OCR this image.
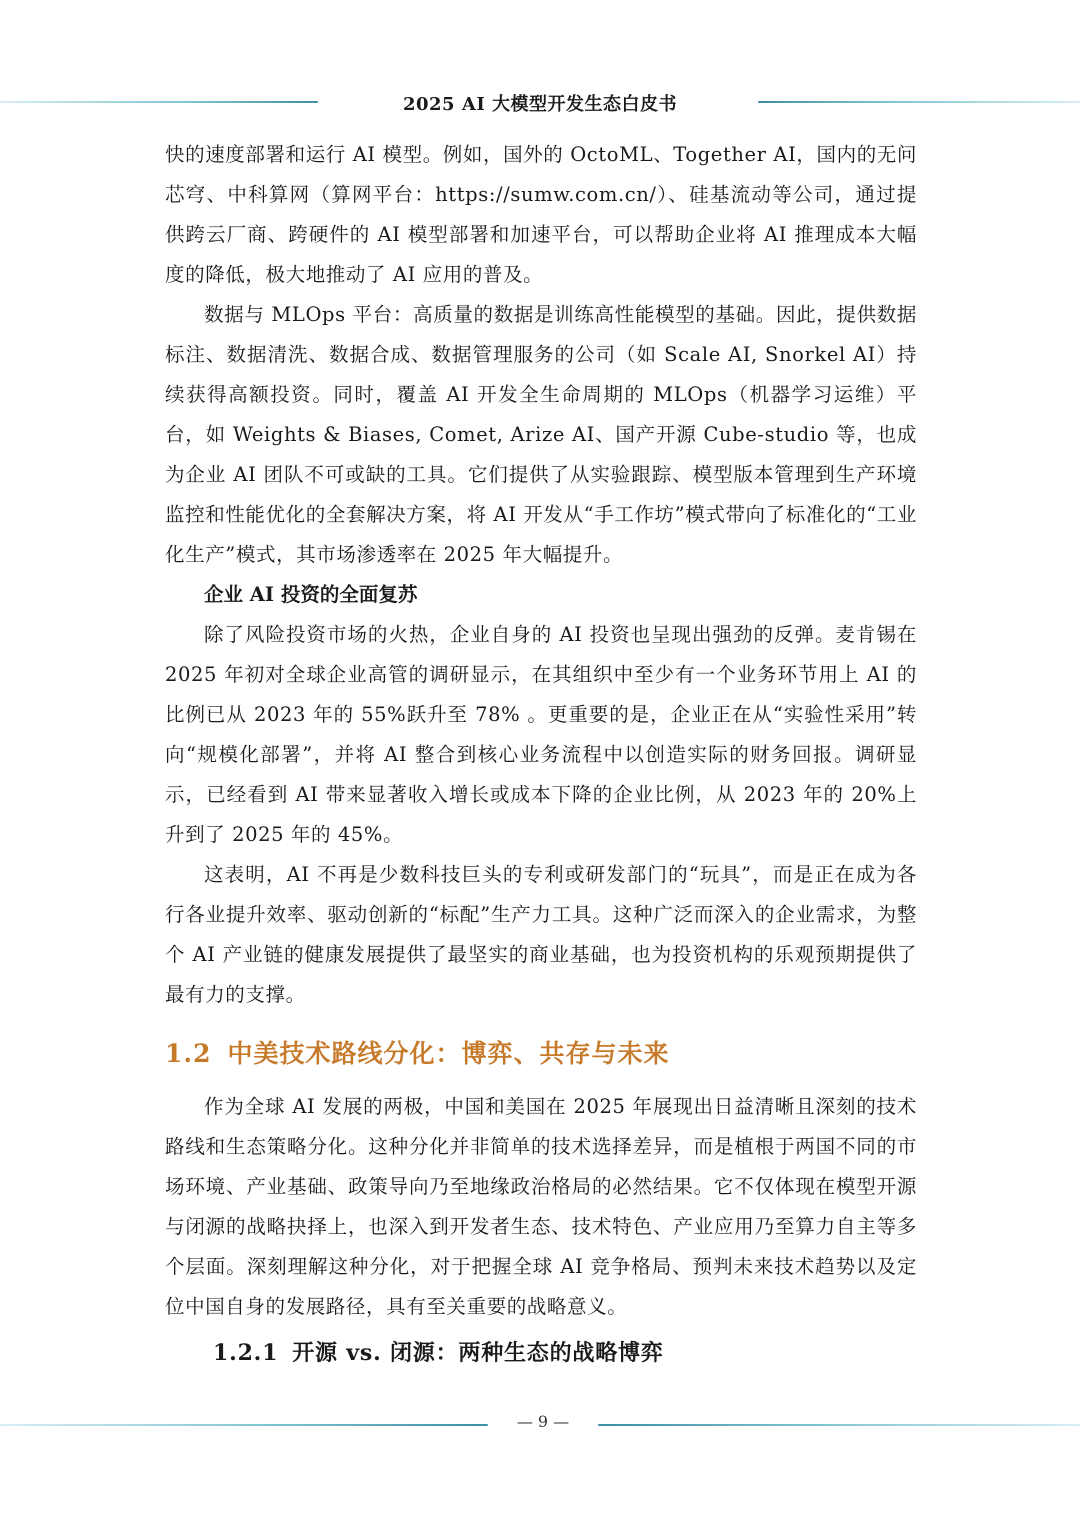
2025 AI 大模型开发生态白皮书

快的速度部署和运行 AI 模型。例如，国外的 OctoML、Together AI，国内的无问芯穹、中科算网（算网平台：https://sumw.com.cn/）、硅基流动等公司，通过提供跨云厂商、跨硬件的 AI 模型部署和加速平台，可以帮助企业将 AI 推理成本大幅度的降低，极大地推动了 AI 应用的普及。

数据与 MLOps 平台：高质量的数据是训练高性能模型的基础。因此，提供数据标注、数据清洗、数据合成、数据管理服务的公司（如 Scale AI, Snorkel AI）持续获得高额投资。同时，覆盖 AI 开发全生命周期的 MLOps（机器学习运维）平台，如 Weights & Biases, Comet, Arize AI、国产开源 Cube-studio 等，也成为企业 AI 团队不可或缺的工具。它们提供了从实验跟踪、模型版本管理到生产环境监控和性能优化的全套解决方案，将 AI 开发从“手工作坊”模式带向了标准化的“工业化生产”模式，其市场渗透率在 2025 年大幅提升。

企业 AI 投资的全面复苏

除了风险投资市场的火热，企业自身的 AI 投资也呈现出强劲的反弹。麦肯锡在 2025 年初对全球企业高管的调研显示，在其组织中至少有一个业务环节用上 AI 的比例已从 2023 年的 55%跃升至 78% 。更重要的是，企业正在从“实验性采用”转向“规模化部署”，并将 AI 整合到核心业务流程中以创造实际的财务回报。调研显示，已经看到 AI 带来显著收入增长或成本下降的企业比例，从 2023 年的 20%上升到了 2025 年的 45%。

这表明，AI 不再是少数科技巨头的专利或研发部门的“玩具”，而是正在成为各行各业提升效率、驱动创新的“标配”生产力工具。这种广泛而深入的企业需求，为整个 AI 产业链的健康发展提供了最坚实的商业基础，也为投资机构的乐观预期提供了最有力的支撑。

1.2 中美技术路线分化：博弈、共存与未来

作为全球 AI 发展的两极，中国和美国在 2025 年展现出日益清晰且深刻的技术路线和生态策略分化。这种分化并非简单的技术选择差异，而是植根于两国不同的市场环境、产业基础、政策导向乃至地缘政治格局的必然结果。它不仅体现在模型开源与闭源的战略抉择上，也深入到开发者生态、技术特色、产业应用乃至算力自主等多个层面。深刻理解这种分化，对于把握全球 AI 竞争格局、预判未来技术趋势以及定位中国自身的发展路径，具有至关重要的战略意义。

1.2.1 开源 vs. 闭源：两种生态的战略博弈
— 9 —
